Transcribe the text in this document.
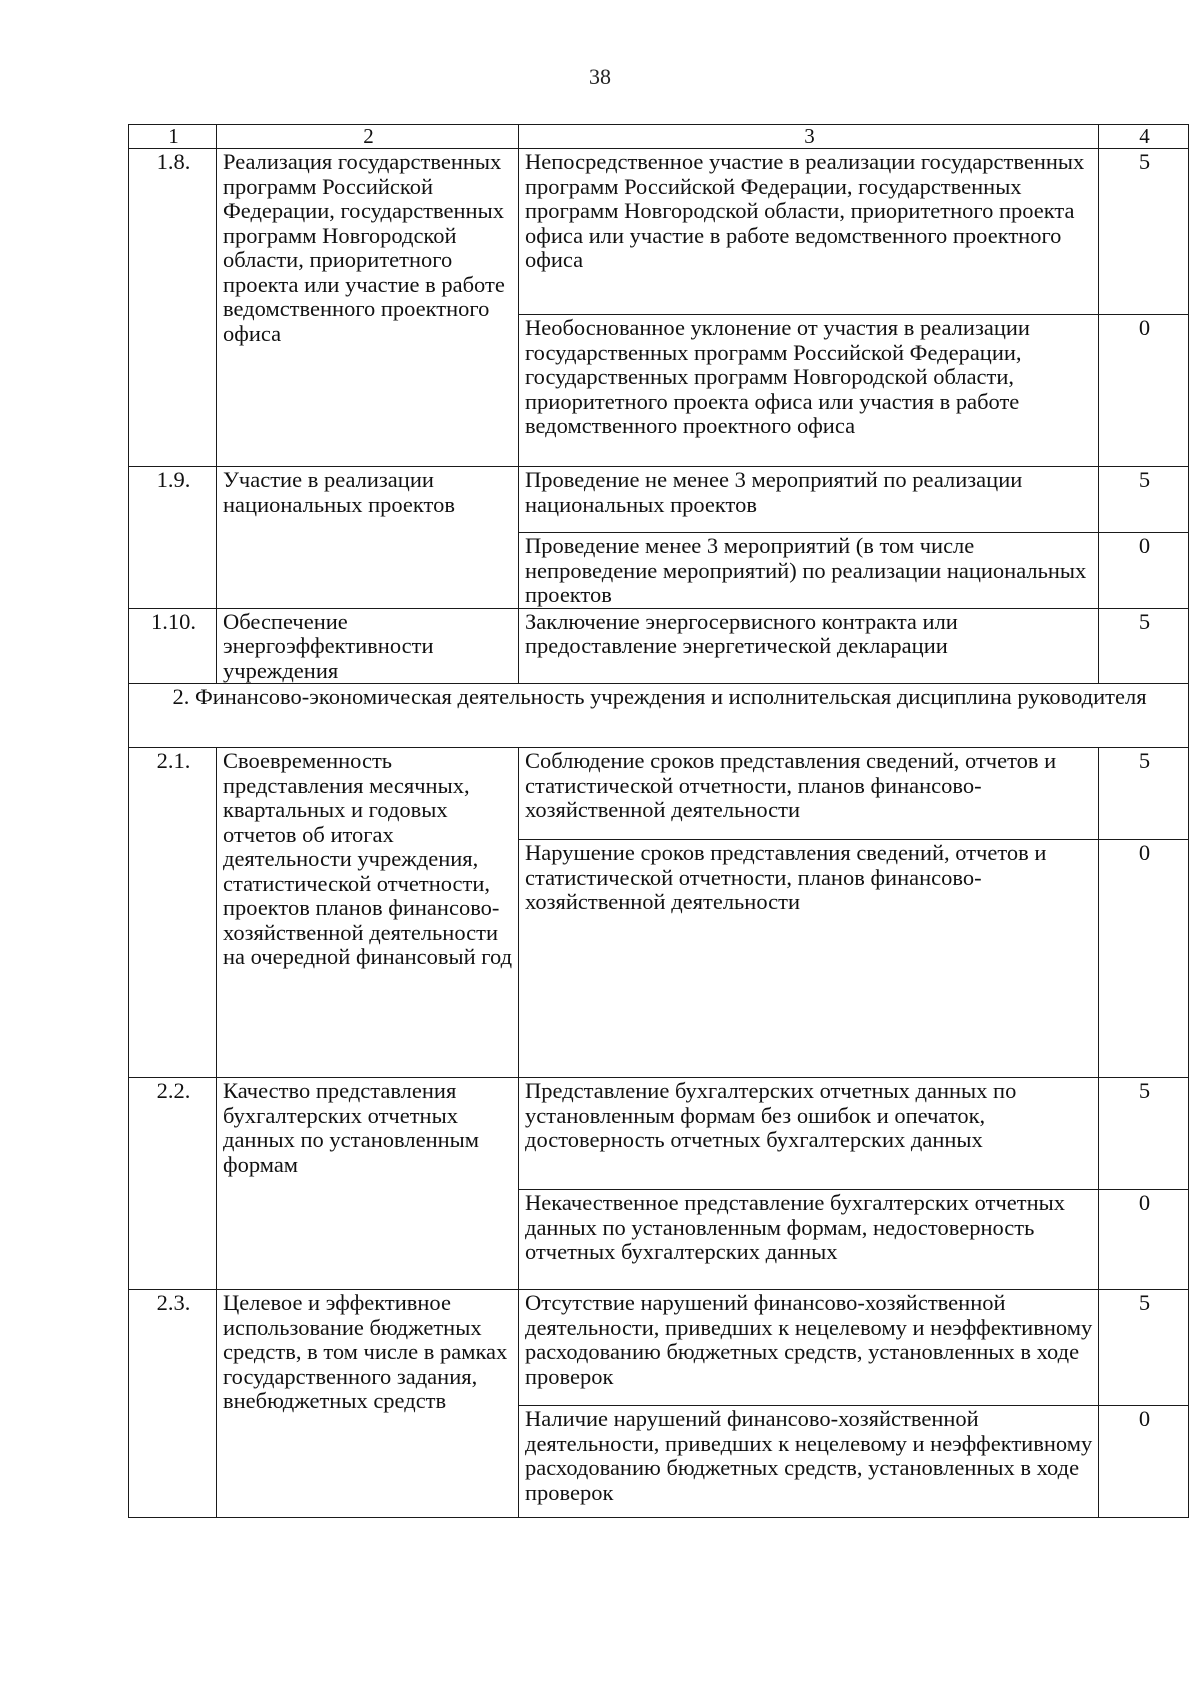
38
1	2	3	4
1.8.	Реализация государственных программ Российской Федерации, государственных программ Новгородской области, приоритетного проекта или участие в работе ведомственного проектного офиса	Непосредственное участие в реализации государственных программ Российской Федерации, государственных программ Новгородской области, приоритетного проекта офиса или участие в работе ведомственного проектного офиса	5
		Необоснованное уклонение от участия в реализации государственных программ Российской Федерации, государственных программ Новгородской области, приоритетного проекта офиса или участия в работе ведомственного проектного офиса	0
1.9.	Участие в реализации национальных проектов	Проведение не менее 3 мероприятий по реализации национальных проектов	5
		Проведение менее 3 мероприятий (в том числе непроведение мероприятий) по реализации национальных проектов	0
1.10.	Обеспечение энергоэффективности учреждения	Заключение энергосервисного контракта или предоставление энергетической декларации	5
2. Финансово-экономическая деятельность учреждения и исполнительская дисциплина руководителя			
2.1.	Своевременность представления месячных, квартальных и годовых отчетов об итогах деятельности учреждения, статистической отчетности, проектов планов финансово-хозяйственной деятельности на очередной финансовый год	Соблюдение сроков представления сведений, отчетов и статистической отчетности, планов финансово-хозяйственной деятельности	5
		Нарушение сроков представления сведений, отчетов и статистической отчетности, планов финансово-хозяйственной деятельности	0
2.2.	Качество представления бухгалтерских отчетных данных по установленным формам	Представление бухгалтерских отчетных данных по установленным формам без ошибок и опечаток, достоверность отчетных бухгалтерских данных	5
		Некачественное представление бухгалтерских отчетных данных по установленным формам, недостоверность отчетных бухгалтерских данных	0
2.3.	Целевое и эффективное использование бюджетных средств, в том числе в рамках государственного задания, внебюджетных средств	Отсутствие нарушений финансово-хозяйственной деятельности, приведших к нецелевому и неэффективному расходованию бюджетных средств, установленных в ходе проверок	5
		Наличие нарушений финансово-хозяйственной деятельности, приведших к нецелевому и неэффективному расходованию бюджетных средств, установленных в ходе проверок	0
